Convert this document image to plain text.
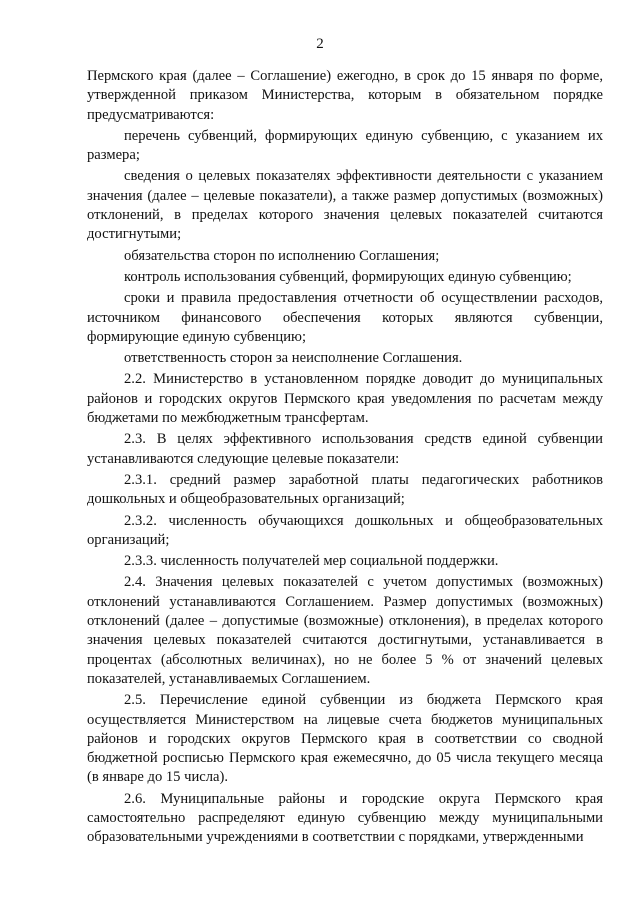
2

Пермского края (далее – Соглашение) ежегодно, в срок до 15 января по форме, утвержденной приказом Министерства, которым в обязательном порядке предусматриваются:

перечень субвенций, формирующих единую субвенцию, с указанием их размера;

сведения о целевых показателях эффективности деятельности с указанием значения (далее – целевые показатели), а также размер допустимых (возможных) отклонений, в пределах которого значения целевых показателей считаются достигнутыми;

обязательства сторон по исполнению Соглашения;

контроль использования субвенций, формирующих единую субвенцию;

сроки и правила предоставления отчетности об осуществлении расходов, источником финансового обеспечения которых являются субвенции, формирующие единую субвенцию;

ответственность сторон за неисполнение Соглашения.

2.2. Министерство в установленном порядке доводит до муниципальных районов и городских округов Пермского края уведомления по расчетам между бюджетами по межбюджетным трансфертам.

2.3. В целях эффективного использования средств единой субвенции устанавливаются следующие целевые показатели:

2.3.1. средний размер заработной платы педагогических работников дошкольных и общеобразовательных организаций;

2.3.2. численность обучающихся дошкольных и общеобразовательных организаций;

2.3.3. численность получателей мер социальной поддержки.

2.4. Значения целевых показателей с учетом допустимых (возможных) отклонений устанавливаются Соглашением. Размер допустимых (возможных) отклонений (далее – допустимые (возможные) отклонения), в пределах которого значения целевых показателей считаются достигнутыми, устанавливается в процентах (абсолютных величинах), но не более 5 % от значений целевых показателей, устанавливаемых Соглашением.

2.5. Перечисление единой субвенции из бюджета Пермского края осуществляется Министерством на лицевые счета бюджетов муниципальных районов и городских округов Пермского края в соответствии со сводной бюджетной росписью Пермского края ежемесячно, до 05 числа текущего месяца (в январе до 15 числа).

2.6. Муниципальные районы и городские округа Пермского края самостоятельно распределяют единую субвенцию между муниципальными образовательными учреждениями в соответствии с порядками, утвержденными
